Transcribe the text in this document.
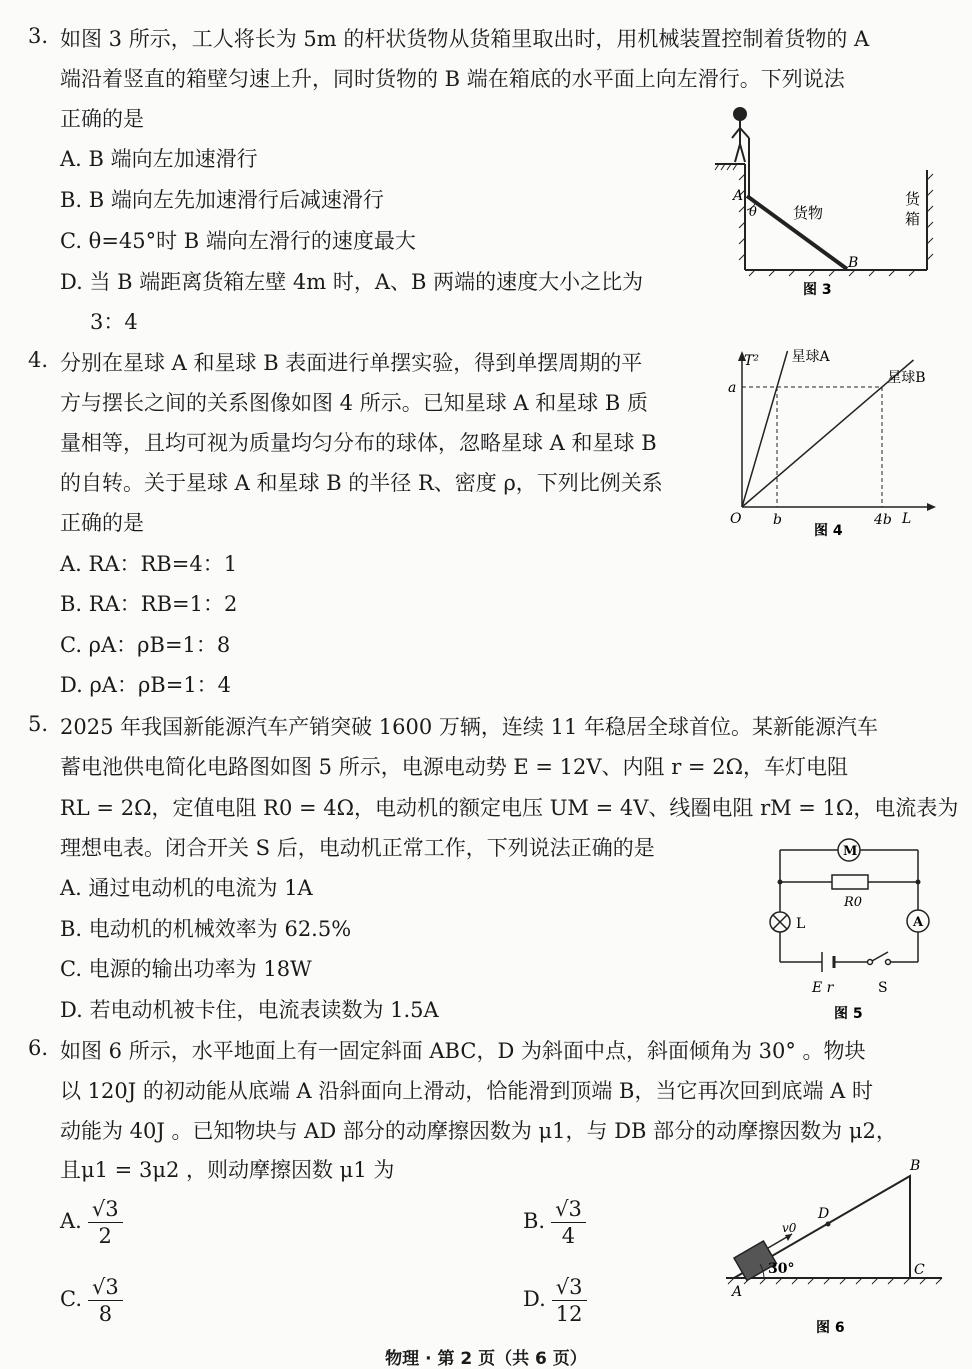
3. 如图 3 所示，工人将长为 5m 的杆状货物从货箱里取出时，用机械装置控制着货物的 A
端沿着竖直的箱壁匀速上升，同时货物的 B 端在箱底的水平面上向左滑行。下列说法
正确的是
A. B 端向左加速滑行
B. B 端向左先加速滑行后减速滑行
C. θ=45°时 B 端向左滑行的速度最大
D. 当 B 端距离货箱左壁 4m 时，A、B 两端的速度大小之比为
3：4
A
θ 货物
B
货
箱
图 3
4. 分别在星球 A 和星球 B 表面进行单摆实验，得到单摆周期的平
方与摆长之间的关系图像如图 4 所示。已知星球 A 和星球 B 质
量相等，且均可视为质量均匀分布的球体，忽略星球 A 和星球 B
的自转。关于星球 A 和星球 B 的半径 R、密度 ρ，下列比例关系
正确的是
A. RA：RB=4：1
B. RA：RB=1：2
C. ρA：ρB=1：8
D. ρA：ρB=1：4
T²
L
O b	4b
a
星球A
星球B
图 4
5. 2025 年我国新能源汽车产销突破 1600 万辆，连续 11 年稳居全球首位。某新能源汽车
蓄电池供电简化电路图如图 5 所示，电源电动势 E = 12V、内阻 r = 2Ω，车灯电阻
RL = 2Ω，定值电阻 R0 = 4Ω，电动机的额定电压 UM = 4V、线圈电阻 rM = 1Ω，电流表为
理想电表。闭合开关 S 后，电动机正常工作，下列说法正确的是
A. 通过电动机的电流为 1A
B. 电动机的机械效率为 62.5%
C. 电源的输出功率为 18W
D. 若电动机被卡住，电流表读数为 1.5A
M
R0
L	A
E r	S
图 5
6. 如图 6 所示，水平地面上有一固定斜面 ABC，D 为斜面中点，斜面倾角为 30° 。物块
以 120J 的初动能从底端 A 沿斜面向上滑动，恰能滑到顶端 B，当它再次回到底端 A 时
动能为 40J 。已知物块与 AD 部分的动摩擦因数为 μ1，与 DB 部分的动摩擦因数为 μ2，
且μ1 = 3μ2 ，则动摩擦因数 μ1 为
A. $\frac{√3}{2}$	B. $\frac{√3}{4}$
C. $\frac{√3}{8}$	D. $\frac{√3}{12}$
30°
v0
D
A
B
C
图 6
物理 · 第 2 页（共 6 页）
